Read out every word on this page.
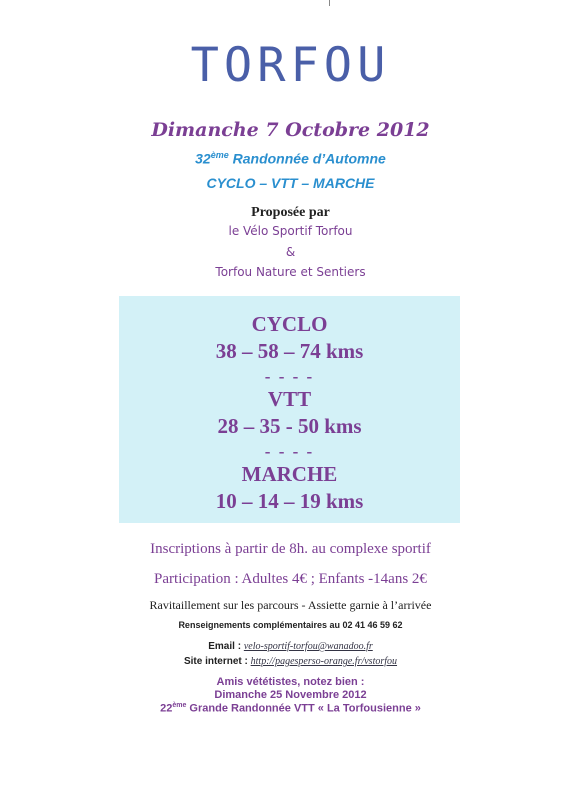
TORFOU
Dimanche 7 Octobre 2012
32ème Randonnée d’Automne
CYCLO – VTT – MARCHE
Proposée par
le Vélo Sportif Torfou
&
Torfou Nature et Sentiers
CYCLO
38 – 58 – 74 kms
- - - -
VTT
28 – 35 - 50 kms
- - - -
MARCHE
10 – 14 – 19 kms
Inscriptions à partir de 8h. au complexe sportif
Participation : Adultes 4€ ; Enfants -14ans 2€
Ravitaillement sur les parcours - Assiette garnie à l’arrivée
Renseignements complémentaires au 02 41 46 59 62
Email : velo-sportif-torfou@wanadoo.fr
Site internet : http://pagesperso-orange.fr/vstorfou
Amis vététistes, notez bien :
Dimanche 25 Novembre 2012
22ème Grande Randonnée VTT « La Torfousienne »
